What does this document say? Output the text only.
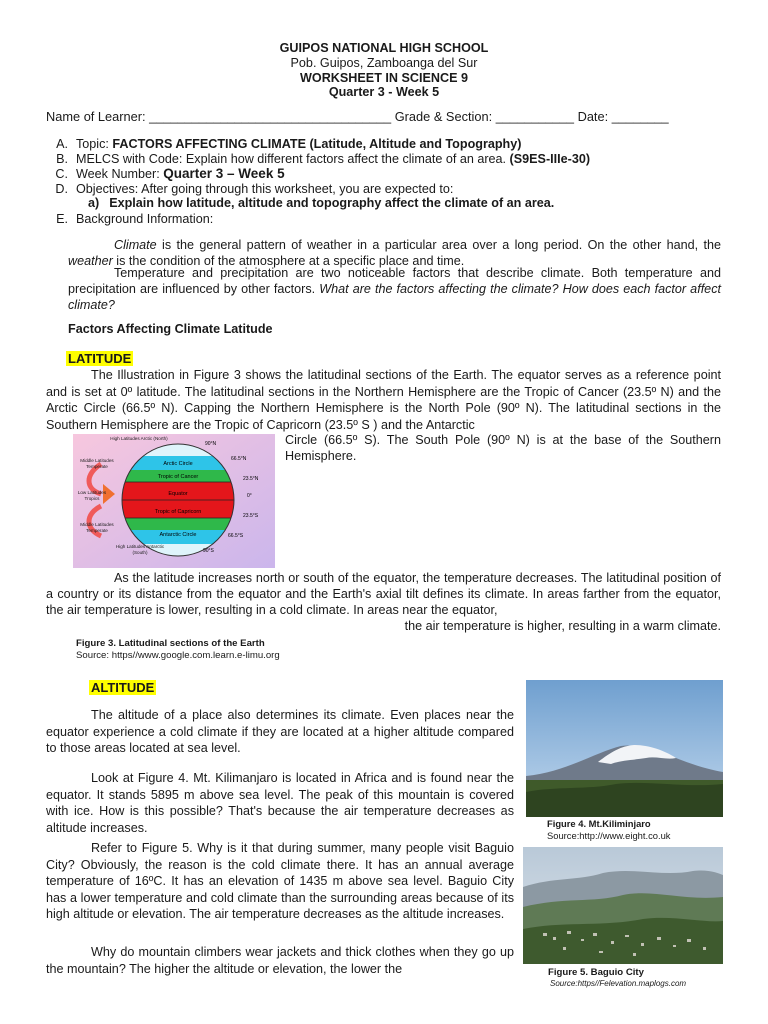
GUIPOS NATIONAL HIGH SCHOOL
Pob. Guipos, Zamboanga del Sur
WORKSHEET IN SCIENCE 9
Quarter 3 - Week 5
Name of Learner: __________________________________ Grade & Section: ___________ Date: ________
A. Topic: FACTORS AFFECTING CLIMATE (Latitude, Altitude and Topography)
B. MELCS with Code: Explain how different factors affect the climate of an area. (S9ES-IIIe-30)
C. Week Number: Quarter 3 – Week 5
D. Objectives: After going through this worksheet, you are expected to:
a) Explain how latitude, altitude and topography affect the climate of an area.
E. Background Information:
Climate is the general pattern of weather in a particular area over a long period. On the other hand, the weather is the condition of the atmosphere at a specific place and time.
Temperature and precipitation are two noticeable factors that describe climate. Both temperature and precipitation are influenced by other factors. What are the factors affecting the climate? How does each factor affect climate?
Factors Affecting Climate Latitude
LATITUDE
The Illustration in Figure 3 shows the latitudinal sections of the Earth. The equator serves as a reference point and is set at 0º latitude. The latitudinal sections in the Northern Hemisphere are the Tropic of Cancer (23.5º N) and the Arctic Circle (66.5º N). Capping the Northern Hemisphere is the North Pole (90º N). The latitudinal sections in the Southern Hemisphere are the Tropic of Capricorn (23.5º S ) and the Antarctic
Circle (66.5º S). The South Pole (90º N) is at the base of the Southern Hemisphere.
Arctic Circle
Tropic of Cancer
Equator
Tropic of Capricorn
Antarctic Circle
90°N
66.5°N
23.5°N
0°
23.5°S
66.5°S
90°S
High Latitudes Arctic (North)
Middle Latitudes Temperate
Low Latitudes Tropics
Middle Latitudes Temperate
High Latitudes Antarctic (South)
As the latitude increases north or south of the equator, the temperature decreases. The latitudinal position of a country or its distance from the equator and the Earth's axial tilt defines its climate. In areas farther from the equator, the air temperature is lower, resulting in a cold climate. In areas near the equator,
the air temperature is higher, resulting in a warm climate.
Figure 3. Latitudinal sections of the Earth
Source: https//www.google.com.learn.e-limu.org
ALTITUDE
The altitude of a place also determines its climate. Even places near the equator experience a cold climate if they are located at a higher altitude compared to those areas located at sea level.
Look at Figure 4. Mt. Kilimanjaro is located in Africa and is found near the equator. It stands 5895 m above sea level. The peak of this mountain is covered with ice. How is this possible? That's because the air temperature decreases as altitude increases.
Refer to Figure 5. Why is it that during summer, many people visit Baguio City? Obviously, the reason is the cold climate there. It has an annual average temperature of 16ºC. It has an elevation of 1435 m above sea level. Baguio City has a lower temperature and cold climate than the surrounding areas because of its high altitude or elevation. The air temperature decreases as the altitude increases.
Why do mountain climbers wear jackets and thick clothes when they go up the mountain? The higher the altitude or elevation, the lower the
Figure 4. Mt.Kiliminjaro
Source:http://www.eight.co.uk
Figure 5. Baguio City
Source:https//Felevation.maplogs.com
